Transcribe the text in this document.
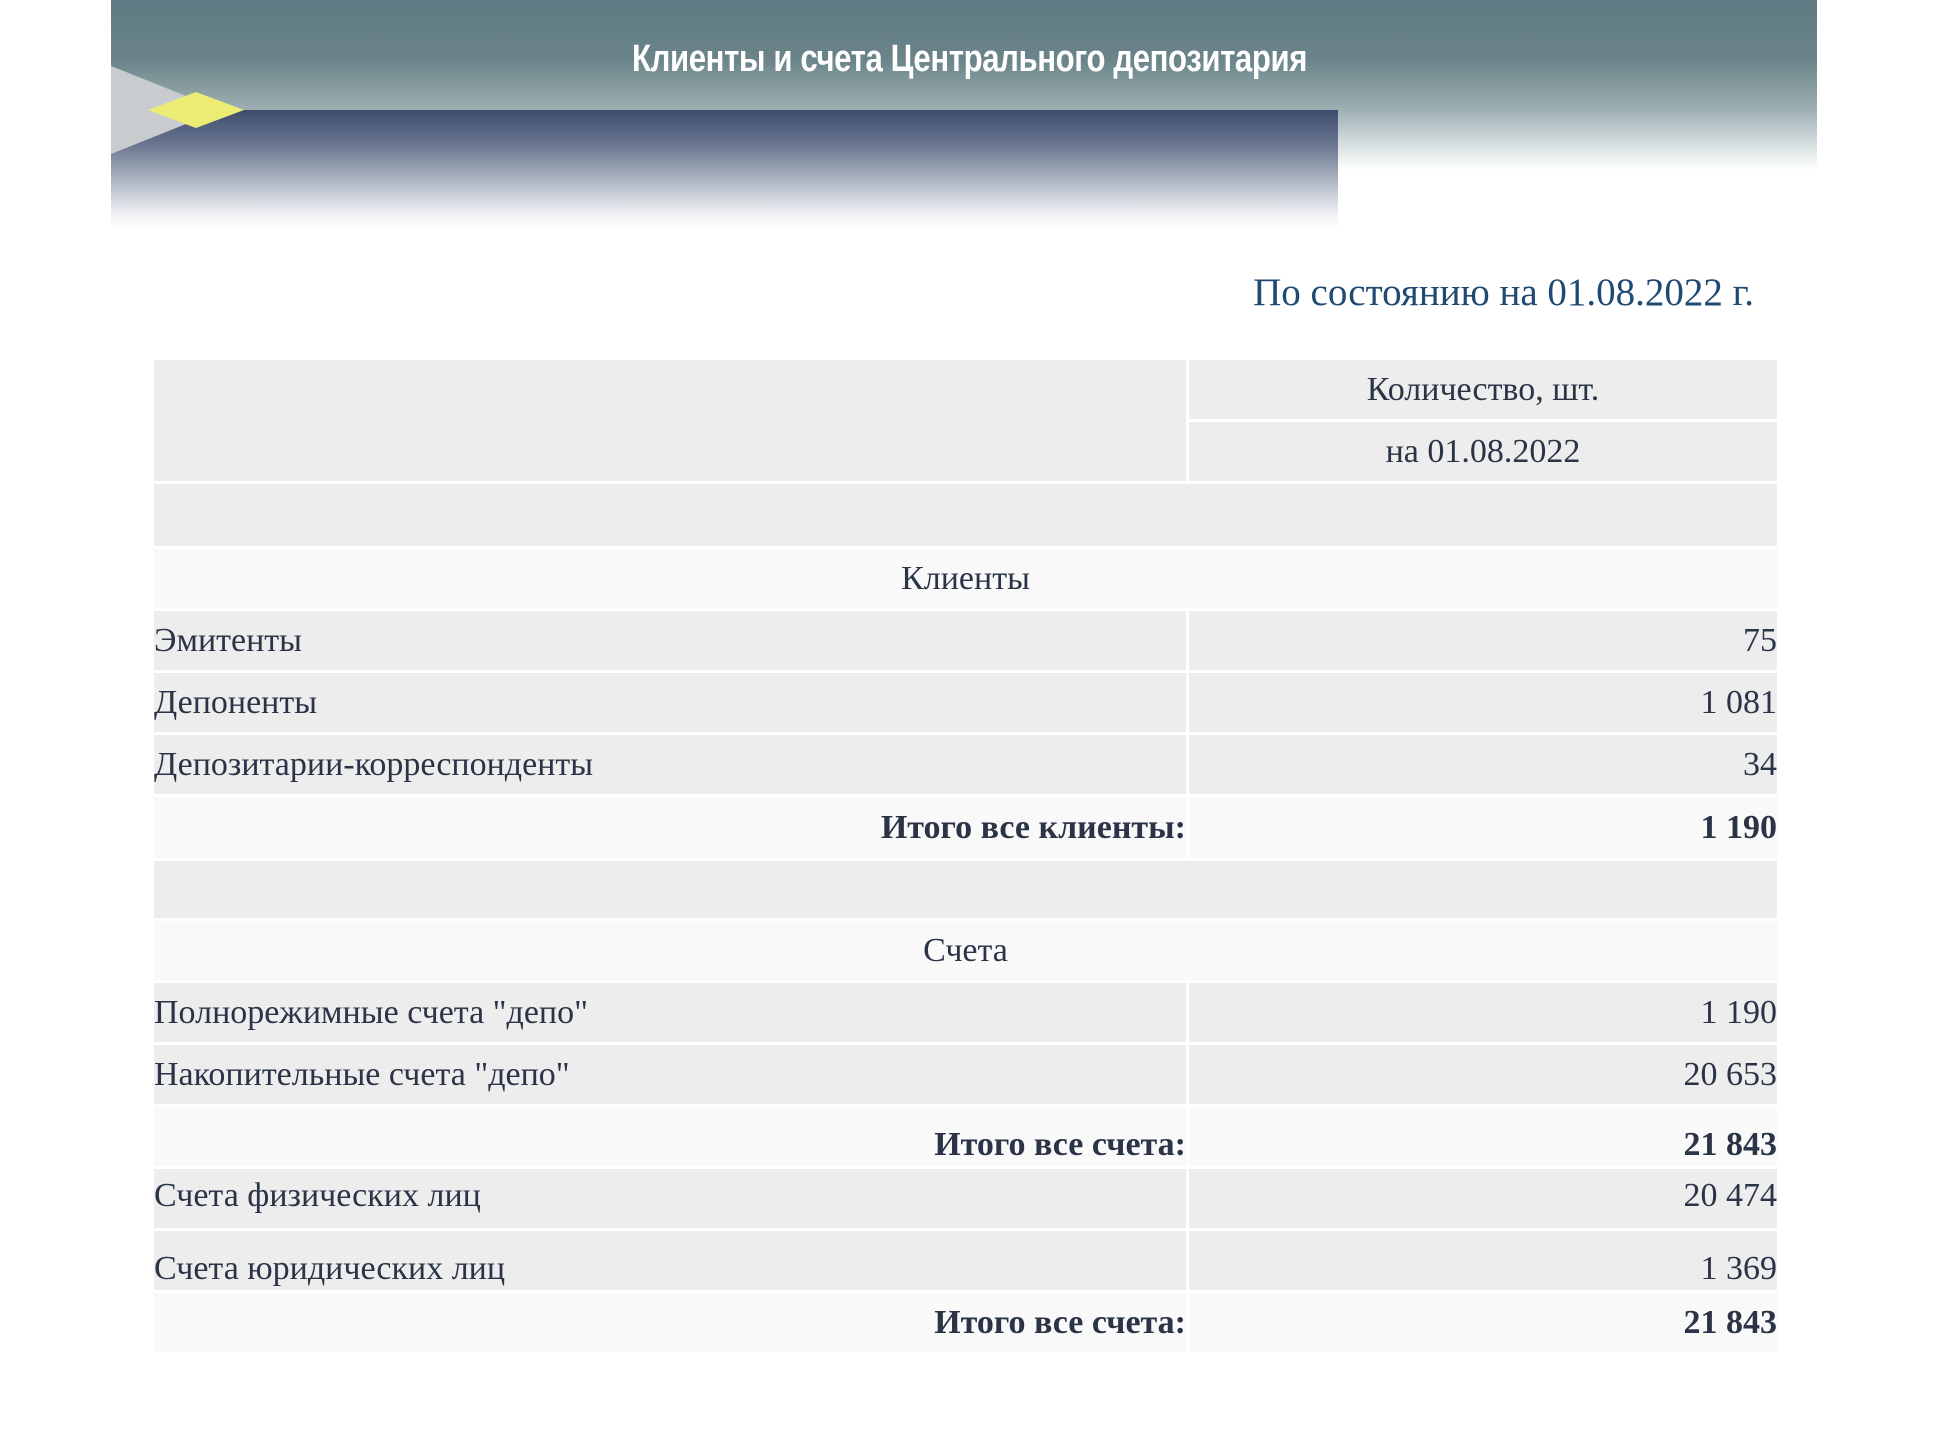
Клиенты и счета Центрального депозитария
По состоянию на 01.08.2022 г.
Количество, шт.
на 01.08.2022
Клиенты
Эмитенты	75
Депоненты	1 081
Депозитарии-корреспонденты	34
Итого все клиенты:	1 190
Счета
Полнорежимные счета "депо"	1 190
Накопительные счета "депо"	20 653
Итого все счета:	21 843
Счета физических лиц	20 474
Счета юридических лиц	1 369
Итого все счета:	21 843
